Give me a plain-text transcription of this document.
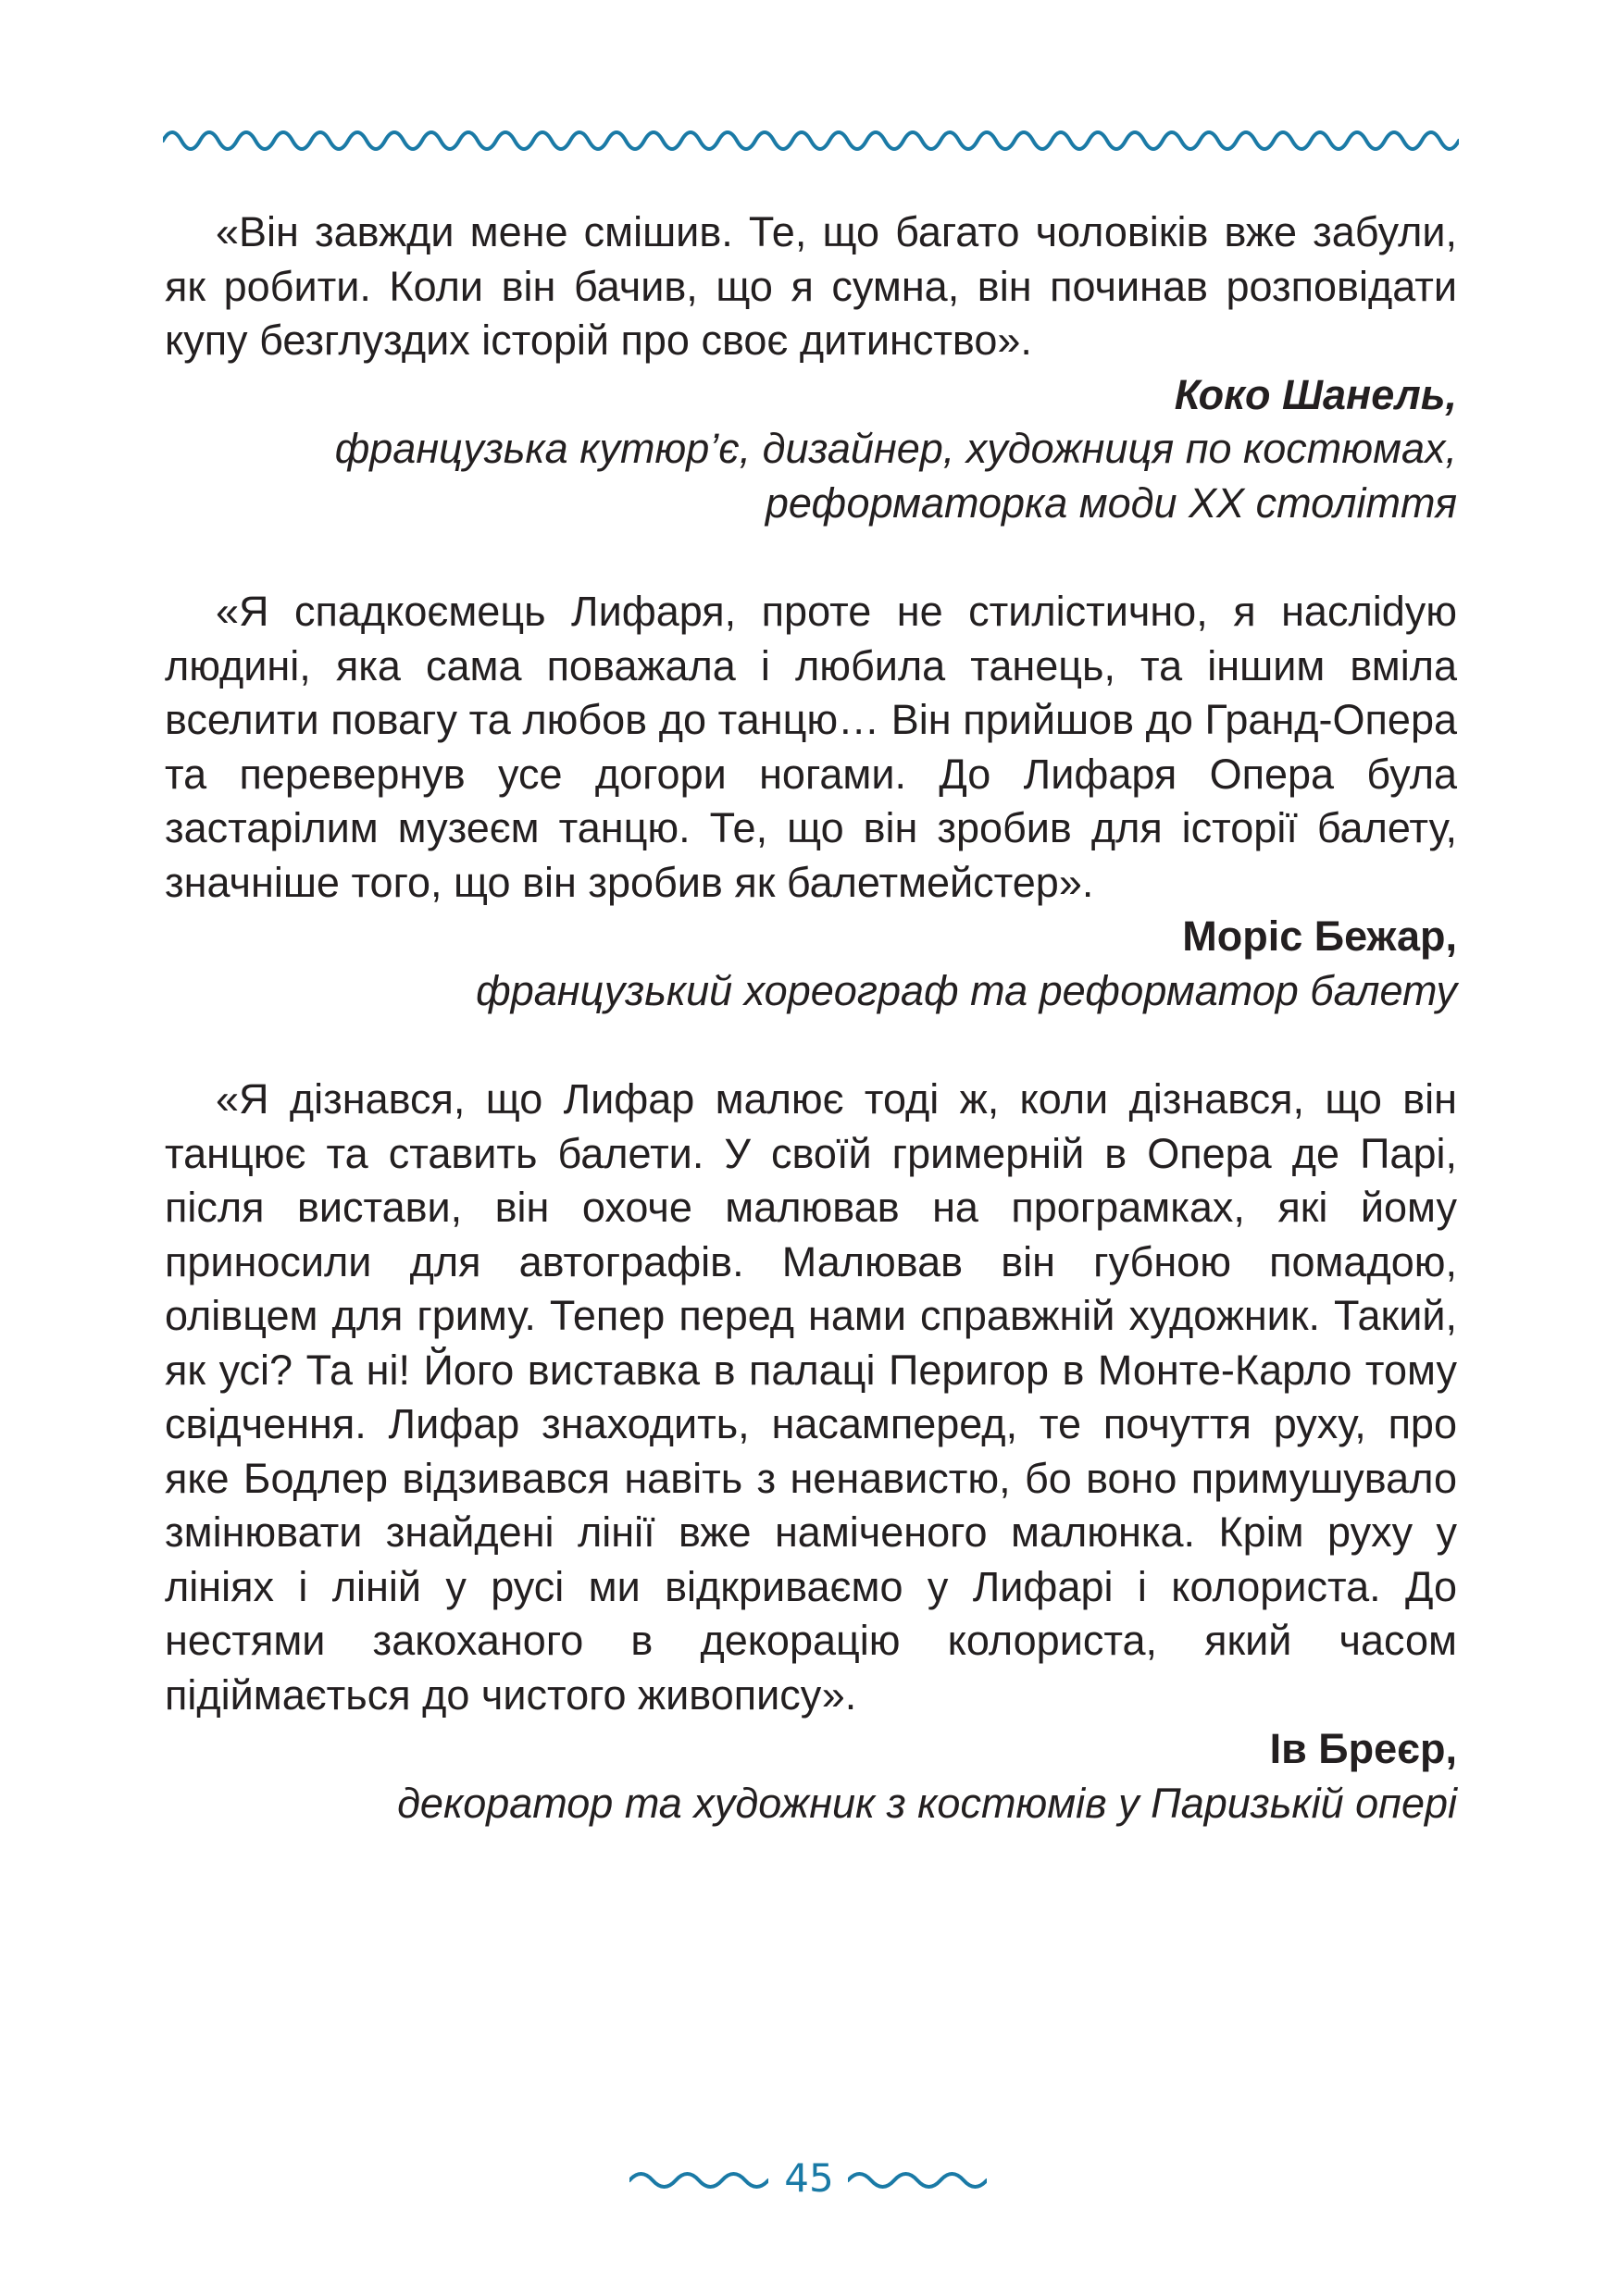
«Він завжди мене смішив. Те, що багато чоловіків вже забули, як робити. Коли він бачив, що я сумна, він починав розповідати купу безглуздих історій про своє дитинство».

Коко Шанель,

французька кутюр’є, дизайнер, художниця по костюмах,

реформаторка моди XX століття

«Я спадкоємець Лифаря, проте не стилістично, я насліdую людині, яка сама поважала і любила танець, та іншим вміла вселити повагу та любов до танцю… Він прийшов до Гранд-Опера та перевернув усе догори ногами. До Лифаря Опера була застарілим музеєм танцю. Те, що він зробив для історії балету, значніше того, що він зробив як балетмейстер».

Моріс Бежар,

французький хореограф та реформатор балету

«Я дізнався, що Лифар малює тоді ж, коли дізнався, що він танцює та ставить балети. У своїй гримерній в Опера де Парі, після вистави, він охоче малював на програмках, які йому приносили для автографів. Малював він губною помадою, олівцем для гриму. Тепер перед нами справжній художник. Такий, як усі? Та ні! Його виставка в палаці Перигор в Монте-Карло тому свідчення. Лифар знаходить, насамперед, те почуття руху, про яке Бодлер відзивався навіть з ненавистю, бо воно примушувало змінювати знайдені лінії вже наміченого малюнка. Крім руху у лініях і ліній у русі ми відкриваємо у Лифарі і колориста. До нестями закоханого в декорацію колориста, який часом підіймається до чистого живопису».

Ів Бреєр,

декоратор та художник з костюмів у Паризькій опері

45
